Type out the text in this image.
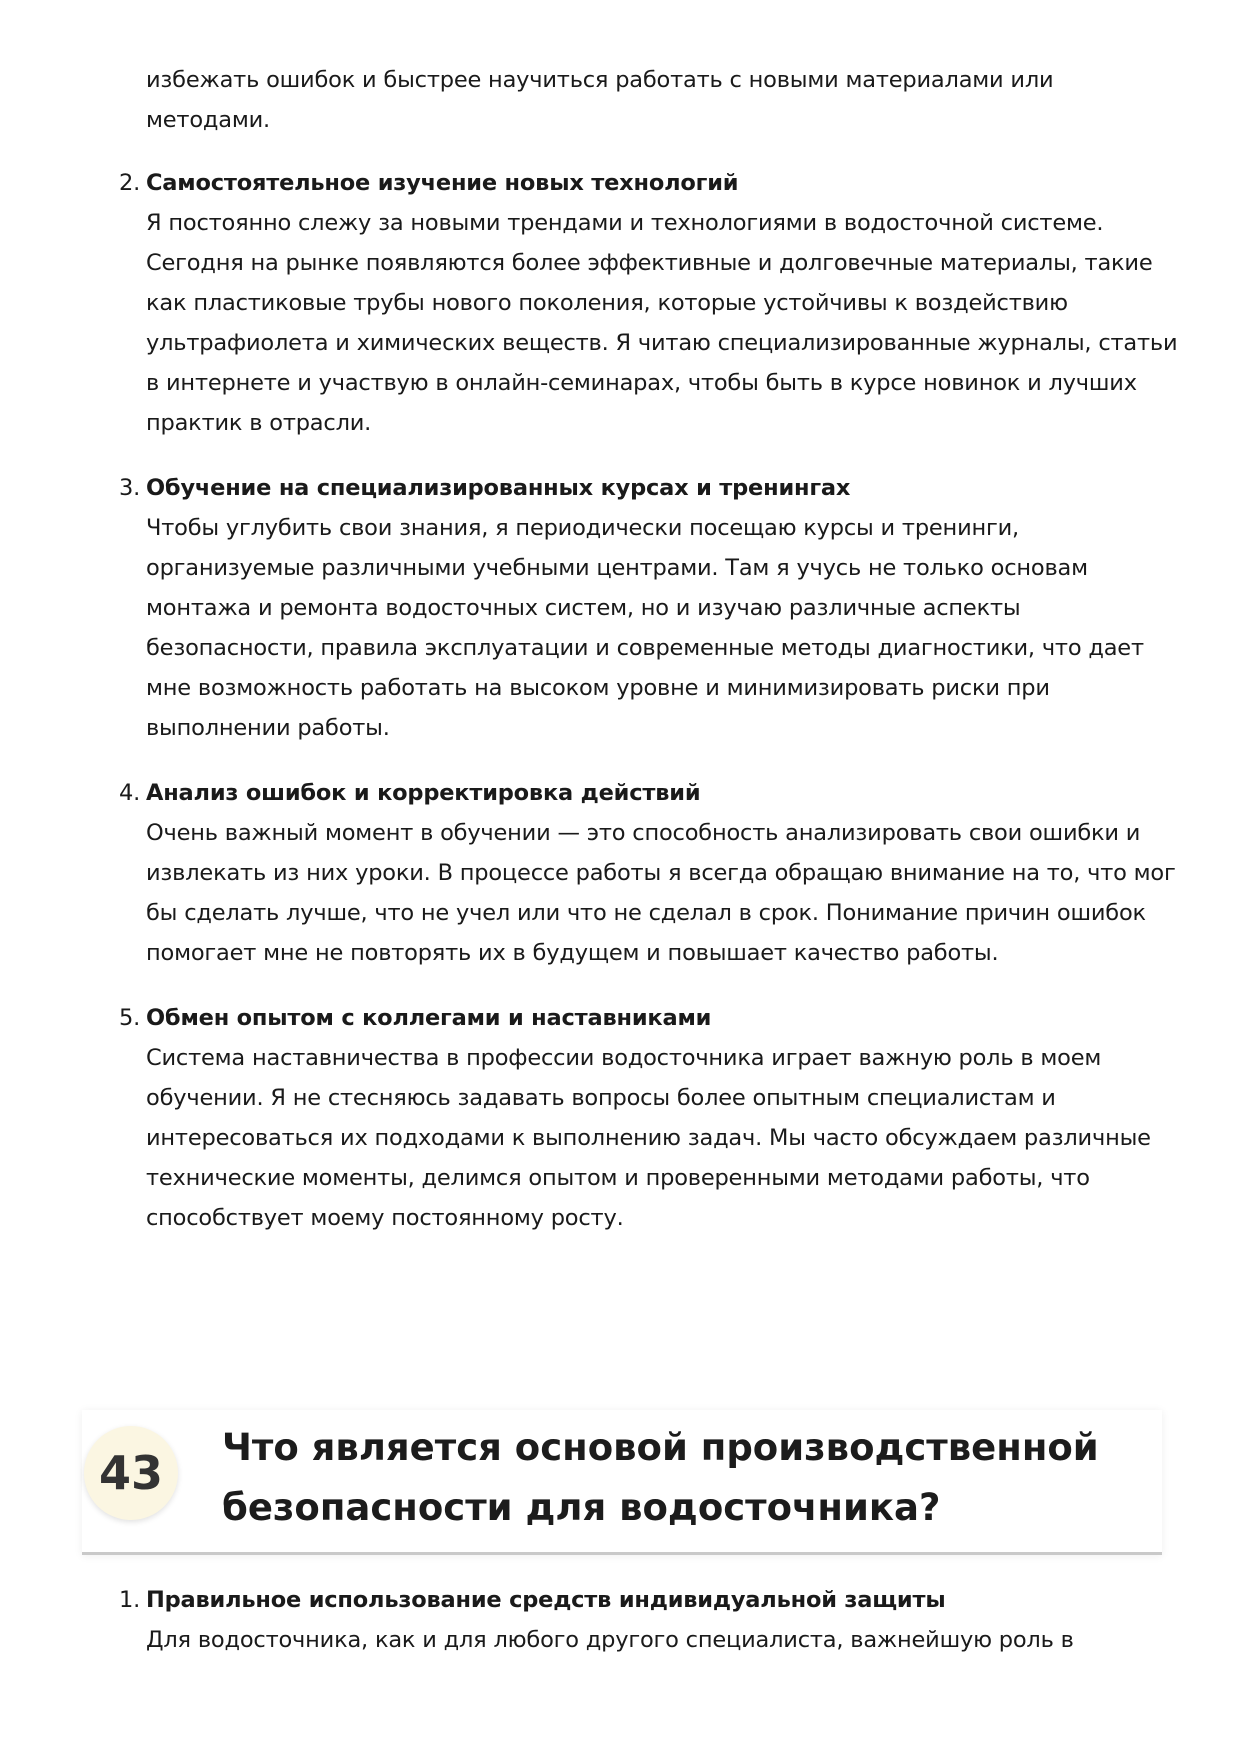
избежать ошибок и быстрее научиться работать с новыми материалами или методами.

2. Самостоятельное изучение новых технологий
Я постоянно слежу за новыми трендами и технологиями в водосточной системе. Сегодня на рынке появляются более эффективные и долговечные материалы, такие как пластиковые трубы нового поколения, которые устойчивы к воздействию ультрафиолета и химических веществ. Я читаю специализированные журналы, статьи в интернете и участвую в онлайн-семинарах, чтобы быть в курсе новинок и лучших практик в отрасли.
3. Обучение на специализированных курсах и тренингах
Чтобы углубить свои знания, я периодически посещаю курсы и тренинги, организуемые различными учебными центрами. Там я учусь не только основам монтажа и ремонта водосточных систем, но и изучаю различные аспекты безопасности, правила эксплуатации и современные методы диагностики, что дает мне возможность работать на высоком уровне и минимизировать риски при выполнении работы.
4. Анализ ошибок и корректировка действий
Очень важный момент в обучении — это способность анализировать свои ошибки и извлекать из них уроки. В процессе работы я всегда обращаю внимание на то, что мог бы сделать лучше, что не учел или что не сделал в срок. Понимание причин ошибок помогает мне не повторять их в будущем и повышает качество работы.
5. Обмен опытом с коллегами и наставниками
Система наставничества в профессии водосточника играет важную роль в моем обучении. Я не стесняюсь задавать вопросы более опытным специалистам и интересоваться их подходами к выполнению задач. Мы часто обсуждаем различные технические моменты, делимся опытом и проверенными методами работы, что способствует моему постоянному росту.
43	Что является основой производственной безопасности для водосточника?
1. Правильное использование средств индивидуальной защиты
Для водосточника, как и для любого другого специалиста, важнейшую роль в
